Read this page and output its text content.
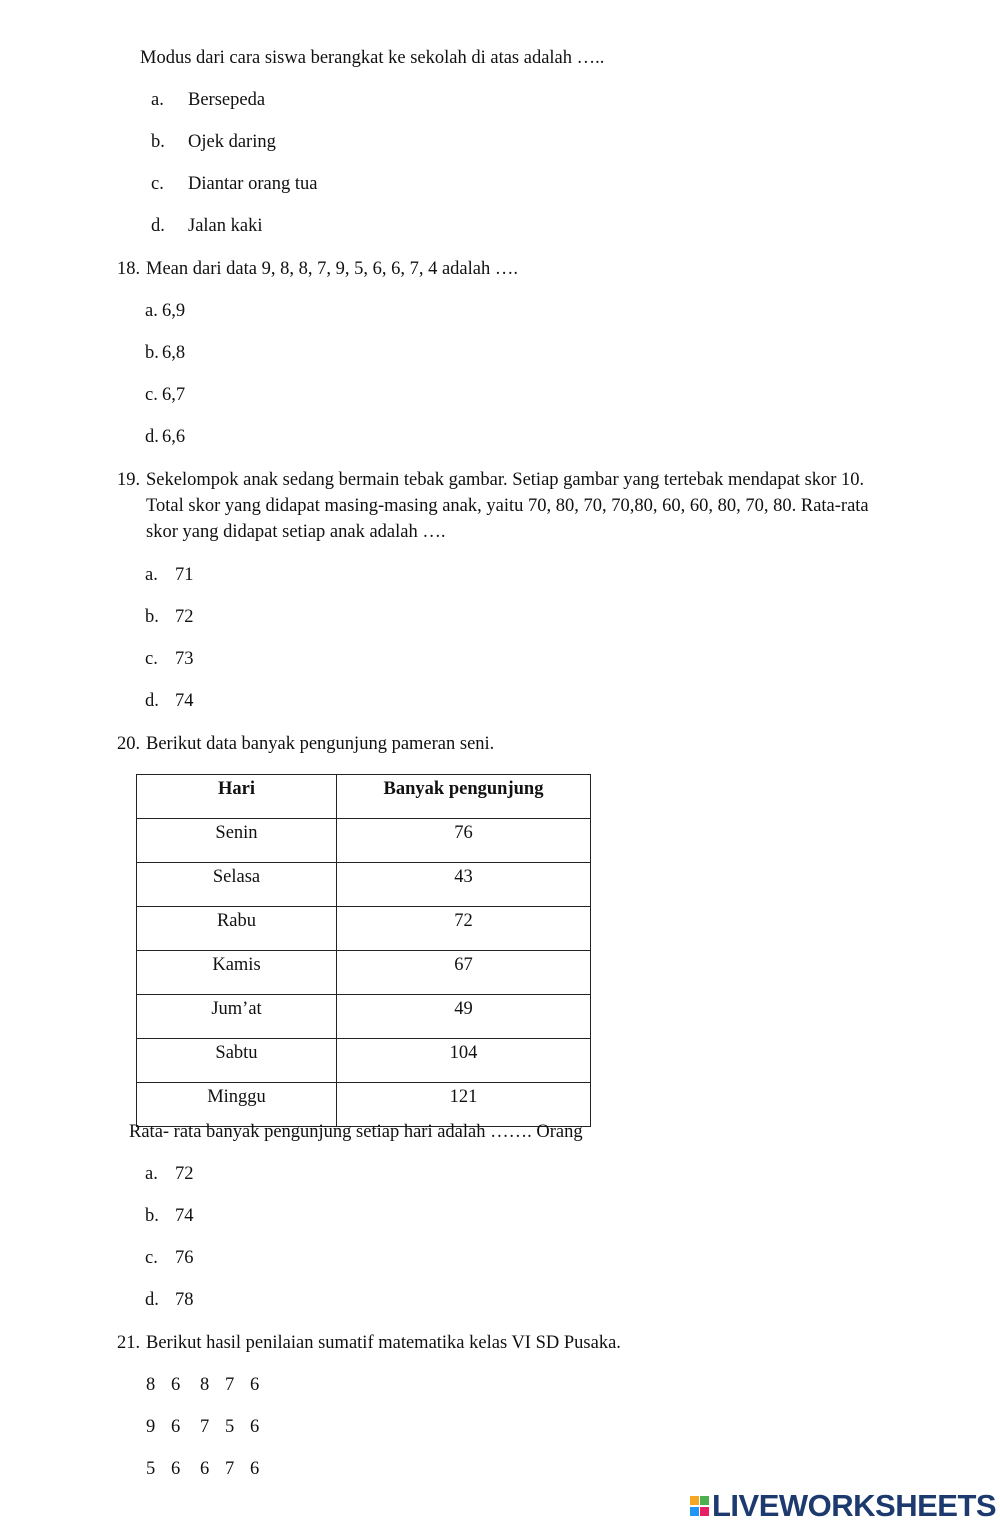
Modus dari cara siswa berangkat ke sekolah di atas adalah …..
a. Bersepeda
b. Ojek daring
c. Diantar orang tua
d. Jalan kaki
18. Mean dari data 9, 8, 8, 7, 9, 5, 6, 6, 7, 4 adalah ….
a. 6,9
b. 6,8
c. 6,7
d. 6,6
19. Sekelompok anak sedang bermain tebak gambar. Setiap gambar yang tertebak mendapat skor 10.
Total skor yang didapat masing-masing anak, yaitu 70, 80, 70, 70,80, 60, 60, 80, 70, 80. Rata-rata
skor yang didapat setiap anak adalah ….
a. 71
b. 72
c. 73
d. 74
20. Berikut data banyak pengunjung pameran seni.
Hari	Banyak pengunjung
Senin	76
Selasa	43
Rabu	72
Kamis	67
Jum’at	49
Sabtu	104
Minggu	121
Rata- rata banyak pengunjung setiap hari adalah ……. Orang
a. 72
b. 74
c. 76
d. 78
21. Berikut hasil penilaian sumatif matematika kelas VI SD Pusaka.
8 6 8 7 6
9 6 7 5 6
5 6 6 7 6
LIVEWORKSHEETS
